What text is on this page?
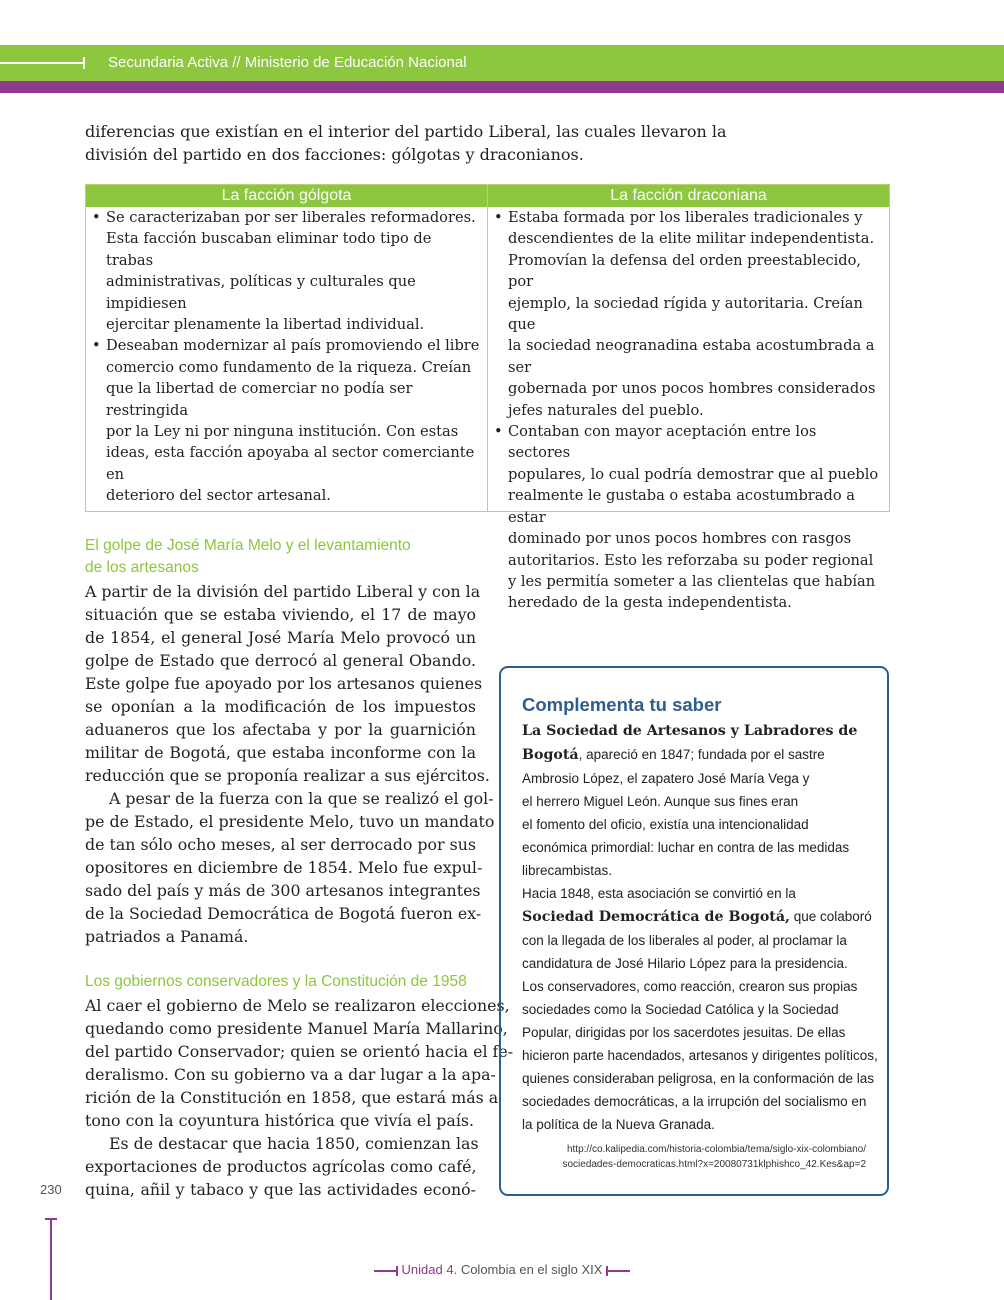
Secundaria Activa // Ministerio de Educación Nacional
diferencias que existían en el interior del partido Liberal, las cuales llevaron la
división del partido en dos facciones: gólgotas y draconianos.
La facción gólgota
• Se caracterizaban por ser liberales reformadores.
Esta facción buscaban eliminar todo tipo de trabas
administrativas, políticas y culturales que impidiesen
ejercitar plenamente la libertad individual.
• Deseaban modernizar al país promoviendo el libre
comercio como fundamento de la riqueza. Creían
que la libertad de comerciar no podía ser restringida
por la Ley ni por ninguna institución. Con estas
ideas, esta facción apoyaba al sector comerciante en
deterioro del sector artesanal.
La facción draconiana
• Estaba formada por los liberales tradicionales y
descendientes de la elite militar independentista.
Promovían la defensa del orden preestablecido, por
ejemplo, la sociedad rígida y autoritaria. Creían que
la sociedad neogranadina estaba acostumbrada a ser
gobernada por unos pocos hombres considerados
jefes naturales del pueblo.
• Contaban con mayor aceptación entre los sectores
populares, lo cual podría demostrar que al pueblo
realmente le gustaba o estaba acostumbrado a estar
dominado por unos pocos hombres con rasgos
autoritarios. Esto les reforzaba su poder regional
y les permitía someter a las clientelas que habían
heredado de la gesta independentista.
El golpe de José María Melo y el levantamiento
de los artesanos
A partir de la división del partido Liberal y con la
situación que se estaba viviendo, el 17 de mayo
de 1854, el general José María Melo provocó un
golpe de Estado que derrocó al general Obando.
Este golpe fue apoyado por los artesanos quienes
se oponían a la modificación de los impuestos
aduaneros que los afectaba y por la guarnición
militar de Bogotá, que estaba inconforme con la
reducción que se proponía realizar a sus ejércitos.
A pesar de la fuerza con la que se realizó el gol-
pe de Estado, el presidente Melo, tuvo un mandato
de tan sólo ocho meses, al ser derrocado por sus
opositores en diciembre de 1854. Melo fue expul-
sado del país y más de 300 artesanos integrantes
de la Sociedad Democrática de Bogotá fueron ex-
patriados a Panamá.
Los gobiernos conservadores y la Constitución de 1958
Al caer el gobierno de Melo se realizaron elecciones,
quedando como presidente Manuel María Mallarino,
del partido Conservador; quien se orientó hacia el fe-
deralismo. Con su gobierno va a dar lugar a la apa-
rición de la Constitución en 1858, que estará más a
tono con la coyuntura histórica que vivía el país.
Es de destacar que hacia 1850, comienzan las
exportaciones de productos agrícolas como café,
quina, añil y tabaco y que las actividades econó-
Complementa tu saber
La Sociedad de Artesanos y Labradores de
Bogotá, apareció en 1847; fundada por el sastre
Ambrosio López, el zapatero José María Vega y
el herrero Miguel León. Aunque sus fines eran
el fomento del oficio, existía una intencionalidad
económica primordial: luchar en contra de las medidas
librecambistas.
Hacia 1848, esta asociación se convirtió en la
Sociedad Democrática de Bogotá, que colaboró
con la llegada de los liberales al poder, al proclamar la
candidatura de José Hilario López para la presidencia.
Los conservadores, como reacción, crearon sus propias
sociedades como la Sociedad Católica y la Sociedad
Popular, dirigidas por los sacerdotes jesuitas. De ellas
hicieron parte hacendados, artesanos y dirigentes políticos,
quienes consideraban peligrosa, en la conformación de las
sociedades democráticas, a la irrupción del socialismo en
la política de la Nueva Granada.
http://co.kalipedia.com/historia-colombia/tema/siglo-xix-colombiano/
sociedades-democraticas.html?x=20080731klphishco_42.Kes&ap=2
230
Unidad 4. Colombia en el siglo XIX
